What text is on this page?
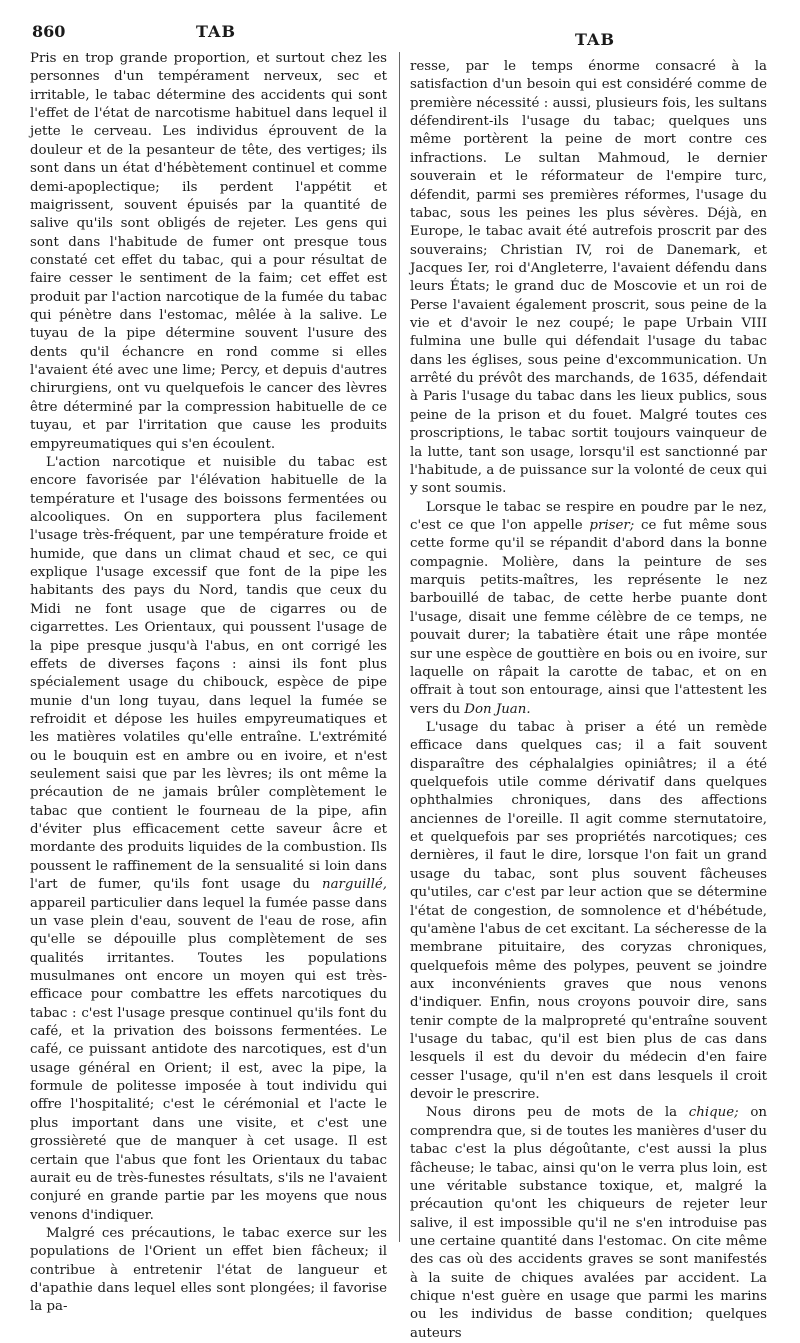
860	TAB	TAB

Pris en trop grande proportion, et surtout chez les personnes d'un tempérament nerveux, sec et irritable, le tabac détermine des accidents qui sont l'effet de l'état de narcotisme habituel dans lequel il jette le cerveau. Les individus éprouvent de la douleur et de la pesanteur de tête, des vertiges; ils sont dans un état d'hébètement continuel et comme demi-apoplectique; ils perdent l'appétit et maigrissent, souvent épuisés par la quantité de salive qu'ils sont obligés de rejeter. Les gens qui sont dans l'habitude de fumer ont presque tous constaté cet effet du tabac, qui a pour résultat de faire cesser le sentiment de la faim; cet effet est produit par l'action narcotique de la fumée du tabac qui pénètre dans l'estomac, mêlée à la salive. Le tuyau de la pipe détermine souvent l'usure des dents qu'il échancre en rond comme si elles l'avaient été avec une lime; Percy, et depuis d'autres chirurgiens, ont vu quelquefois le cancer des lèvres être déterminé par la compression habituelle de ce tuyau, et par l'irritation que cause les produits empyreumatiques qui s'en écoulent.

L'action narcotique et nuisible du tabac est encore favorisée par l'élévation habituelle de la température et l'usage des boissons fermentées ou alcooliques. On en supportera plus facilement l'usage très-fréquent, par une température froide et humide, que dans un climat chaud et sec, ce qui explique l'usage excessif que font de la pipe les habitants des pays du Nord, tandis que ceux du Midi ne font usage que de cigarres ou de cigarrettes. Les Orientaux, qui poussent l'usage de la pipe presque jusqu'à l'abus, en ont corrigé les effets de diverses façons : ainsi ils font plus spécialement usage du chibouck, espèce de pipe munie d'un long tuyau, dans lequel la fumée se refroidit et dépose les huiles empyreumatiques et les matières volatiles qu'elle entraîne. L'extrémité ou le bouquin est en ambre ou en ivoire, et n'est seulement saisi que par les lèvres; ils ont même la précaution de ne jamais brûler complètement le tabac que contient le fourneau de la pipe, afin d'éviter plus efficacement cette saveur âcre et mordante des produits liquides de la combustion. Ils poussent le raffinement de la sensualité si loin dans l'art de fumer, qu'ils font usage du narguillé, appareil particulier dans lequel la fumée passe dans un vase plein d'eau, souvent de l'eau de rose, afin qu'elle se dépouille plus complètement de ses qualités irritantes. Toutes les populations musulmanes ont encore un moyen qui est très-efficace pour combattre les effets narcotiques du tabac : c'est l'usage presque continuel qu'ils font du café, et la privation des boissons fermentées. Le café, ce puissant antidote des narcotiques, est d'un usage général en Orient; il est, avec la pipe, la formule de politesse imposée à tout individu qui offre l'hospitalité; c'est le cérémonial et l'acte le plus important dans une visite, et c'est une grossièreté que de manquer à cet usage. Il est certain que l'abus que font les Orientaux du tabac aurait eu de très-funestes résultats, s'ils ne l'avaient conjuré en grande partie par les moyens que nous venons d'indiquer.

Malgré ces précautions, le tabac exerce sur les populations de l'Orient un effet bien fâcheux; il contribue à entretenir l'état de langueur et d'apathie dans lequel elles sont plongées; il favorise la pa-

resse, par le temps énorme consacré à la satisfaction d'un besoin qui est considéré comme de première nécessité : aussi, plusieurs fois, les sultans défendirent-ils l'usage du tabac; quelques uns même portèrent la peine de mort contre ces infractions. Le sultan Mahmoud, le dernier souverain et le réformateur de l'empire turc, défendit, parmi ses premières réformes, l'usage du tabac, sous les peines les plus sévères. Déjà, en Europe, le tabac avait été autrefois proscrit par des souverains; Christian IV, roi de Danemark, et Jacques Ier, roi d'Angleterre, l'avaient défendu dans leurs États; le grand duc de Moscovie et un roi de Perse l'avaient également proscrit, sous peine de la vie et d'avoir le nez coupé; le pape Urbain VIII fulmina une bulle qui défendait l'usage du tabac dans les églises, sous peine d'excommunication. Un arrêté du prévôt des marchands, de 1635, défendait à Paris l'usage du tabac dans les lieux publics, sous peine de la prison et du fouet. Malgré toutes ces proscriptions, le tabac sortit toujours vainqueur de la lutte, tant son usage, lorsqu'il est sanctionné par l'habitude, a de puissance sur la volonté de ceux qui y sont soumis.

Lorsque le tabac se respire en poudre par le nez, c'est ce que l'on appelle priser; ce fut même sous cette forme qu'il se répandit d'abord dans la bonne compagnie. Molière, dans la peinture de ses marquis petits-maîtres, les représente le nez barbouillé de tabac, de cette herbe puante dont l'usage, disait une femme célèbre de ce temps, ne pouvait durer; la tabatière était une râpe montée sur une espèce de gouttière en bois ou en ivoire, sur laquelle on râpait la carotte de tabac, et on en offrait à tout son entourage, ainsi que l'attestent les vers du Don Juan.

L'usage du tabac à priser a été un remède efficace dans quelques cas; il a fait souvent disparaître des céphalalgies opiniâtres; il a été quelquefois utile comme dérivatif dans quelques ophthalmies chroniques, dans des affections anciennes de l'oreille. Il agit comme sternutatoire, et quelquefois par ses propriétés narcotiques; ces dernières, il faut le dire, lorsque l'on fait un grand usage du tabac, sont plus souvent fâcheuses qu'utiles, car c'est par leur action que se détermine l'état de congestion, de somnolence et d'hébétude, qu'amène l'abus de cet excitant. La sécheresse de la membrane pituitaire, des coryzas chroniques, quelquefois même des polypes, peuvent se joindre aux inconvénients graves que nous venons d'indiquer. Enfin, nous croyons pouvoir dire, sans tenir compte de la malpropreté qu'entraîne souvent l'usage du tabac, qu'il est bien plus de cas dans lesquels il est du devoir du médecin d'en faire cesser l'usage, qu'il n'en est dans lesquels il croit devoir le prescrire.

Nous dirons peu de mots de la chique; on comprendra que, si de toutes les manières d'user du tabac c'est la plus dégoûtante, c'est aussi la plus fâcheuse; le tabac, ainsi qu'on le verra plus loin, est une véritable substance toxique, et, malgré la précaution qu'ont les chiqueurs de rejeter leur salive, il est impossible qu'il ne s'en introduise pas une certaine quantité dans l'estomac. On cite même des cas où des accidents graves se sont manifestés à la suite de chiques avalées par accident. La chique n'est guère en usage que parmi les marins ou les individus de basse condition; quelques auteurs
